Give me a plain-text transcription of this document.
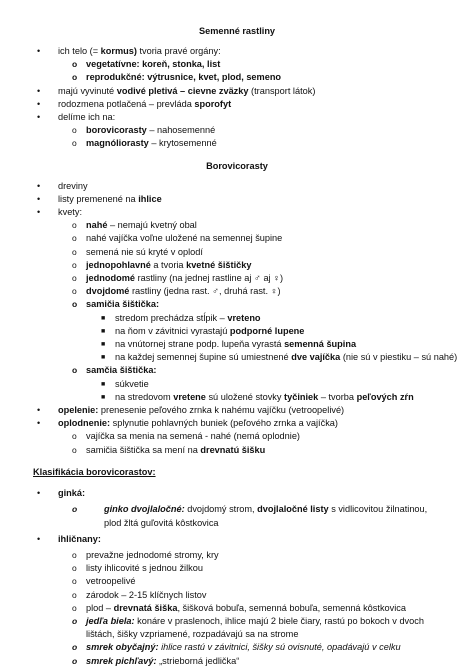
Semenné rastliny

• ich telo (= kormus) tvoria pravé orgány:
o vegetatívne: koreň, stonka, list
o reprodukčné: výtrusnice, kvet, plod, semeno
• majú vyvinuté vodivé pletivá – cievne zväzky (transport látok)
• rodozmena potlačená – prevláda sporofyt
• delíme ich na:
o borovicorasty – nahosemenné
o magnóliorasty – krytosemenné

Borovicorasty

• dreviny
• listy premenené na ihlice
• kvety:
o nahé – nemajú kvetný obal
o nahé vajíčka voľne uložené na semennej šupine
o semená nie sú kryté v oplodí
o jednopohlavné a tvoria kvetné šištičky
o jednodomé rastliny (na jednej rastline aj ♂ aj ♀)
o dvojdomé rastliny (jedna rast. ♂, druhá rast. ♀)
o samičia šištička:
■ stredom prechádza stĺpik – vreteno
■ na ňom v závitnici vyrastajú podporné lupene
■ na vnútornej strane podp. lupeňa vyrastá semenná šupina
■ na každej semennej šupine sú umiestnené dve vajíčka (nie sú v piestiku – sú nahé)
o samčia šištička:
■ súkvetie
■ na stredovom vretene sú uložené stovky tyčiniek – tvorba peľových zŕn
• opelenie: prenesenie peľového zrnka k nahému vajíčku (vetroopelivé)
• oplodnenie: splynutie pohlavných buniek (peľového zrnka a vajíčka)
o vajíčka sa menia na semená - nahé (nemá oplodnie)
o samičia šištička sa mení na drevnatú šišku
Klasifikácia borovicorastov:
• ginká:
o	ginko dvojlaločné: dvojdomý strom, dvojlaločné listy s vidlicovitou žilnatinou, plod žltá guľovitá kôstkovica
• ihličnany:
o prevažne jednodomé stromy, kry
o listy ihlicovité s jednou žilkou
o vetroopelivé
o zárodok – 2-15 klíčnych listov
o plod – drevnatá šiška, šišková bobuľa, semenná bobuľa, semenná kôstkovica
o jedľa biela: konáre v praslenoch, ihlice majú 2 biele čiary, rastú po bokoch v dvoch lištách, šišky vzpriamené, rozpadávajú sa na strome
o smrek obyčajný: ihlice rastú v závitnici, šišky sú ovisnuté, opadávajú v celku
o smrek pichľavý: „strieborná jedlička“
